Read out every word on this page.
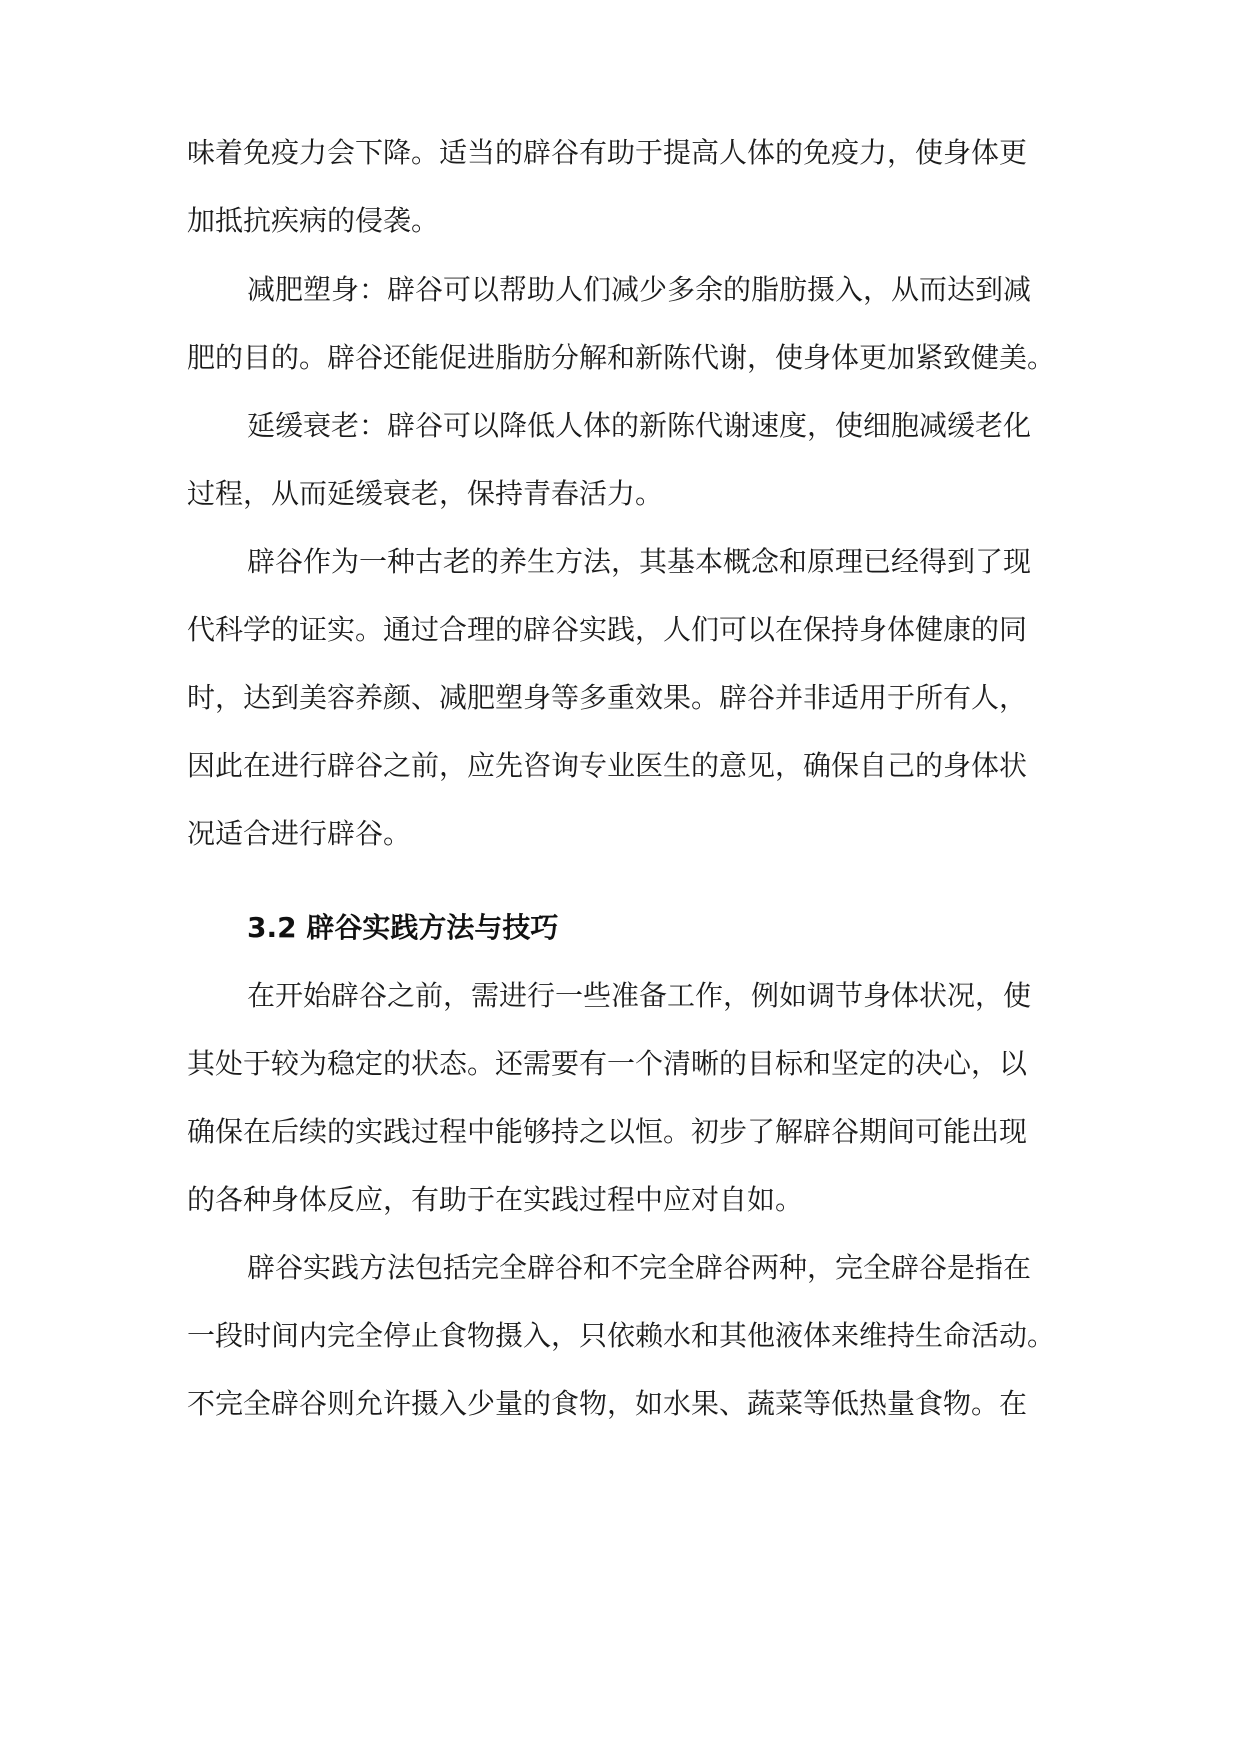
味着免疫力会下降。适当的辟谷有助于提高人体的免疫力，使身体更
加抵抗疾病的侵袭。
减肥塑身：辟谷可以帮助人们减少多余的脂肪摄入，从而达到减
肥的目的。辟谷还能促进脂肪分解和新陈代谢，使身体更加紧致健美。
延缓衰老：辟谷可以降低人体的新陈代谢速度，使细胞减缓老化
过程，从而延缓衰老，保持青春活力。
辟谷作为一种古老的养生方法，其基本概念和原理已经得到了现
代科学的证实。通过合理的辟谷实践，人们可以在保持身体健康的同
时，达到美容养颜、减肥塑身等多重效果。辟谷并非适用于所有人，
因此在进行辟谷之前，应先咨询专业医生的意见，确保自己的身体状
况适合进行辟谷。
3.2 辟谷实践方法与技巧
在开始辟谷之前，需进行一些准备工作，例如调节身体状况，使
其处于较为稳定的状态。还需要有一个清晰的目标和坚定的决心，以
确保在后续的实践过程中能够持之以恒。初步了解辟谷期间可能出现
的各种身体反应，有助于在实践过程中应对自如。
辟谷实践方法包括完全辟谷和不完全辟谷两种，完全辟谷是指在
一段时间内完全停止食物摄入，只依赖水和其他液体来维持生命活动。
不完全辟谷则允许摄入少量的食物，如水果、蔬菜等低热量食物。在
